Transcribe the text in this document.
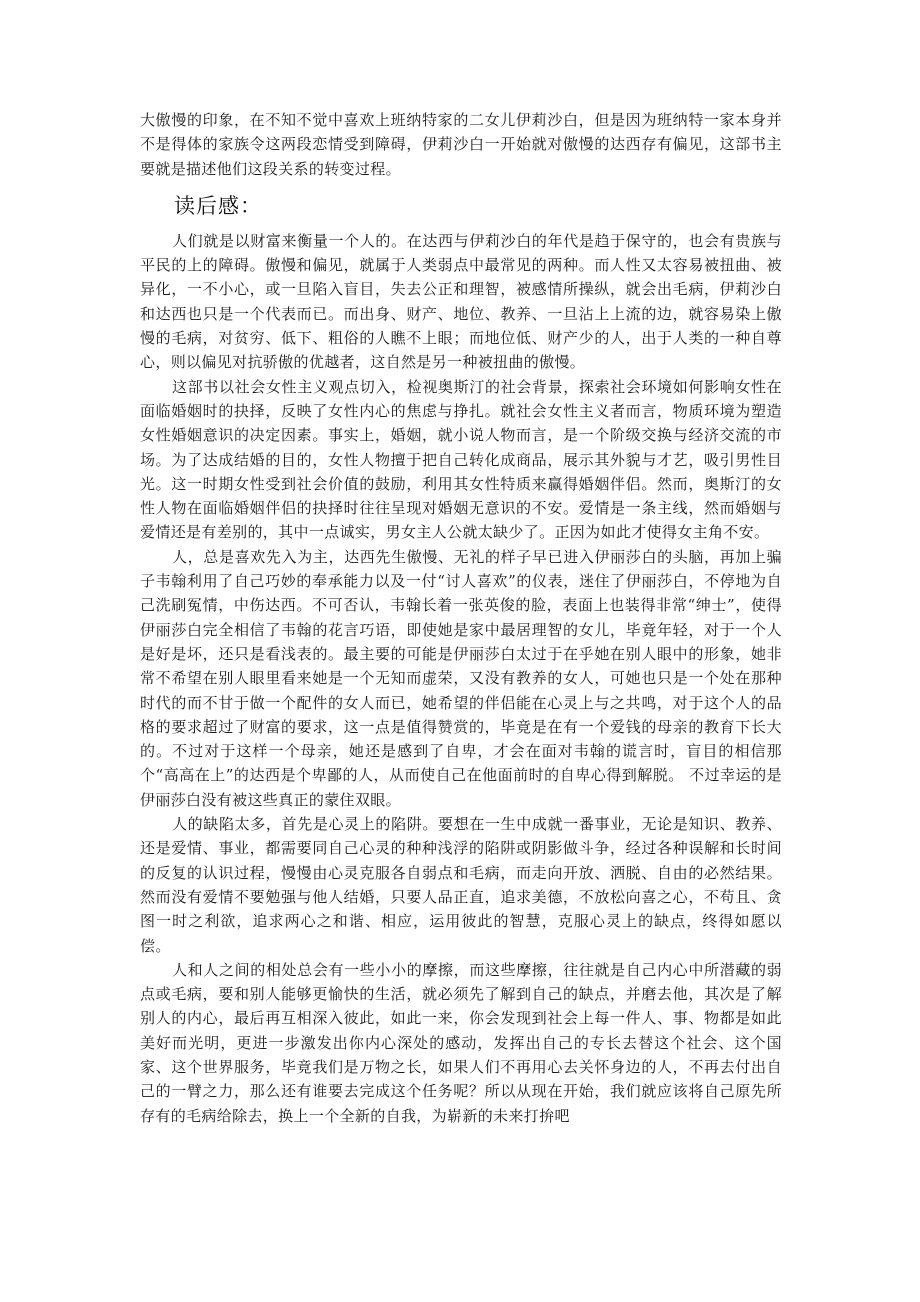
大傲慢的印象，在不知不觉中喜欢上班纳特家的二女儿伊莉沙白，但是因为班纳特一家本身并不是得体的家族令这两段恋情受到障碍，伊莉沙白一开始就对傲慢的达西存有偏见，这部书主要就是描述他们这段关系的转变过程。

读后感：

人们就是以财富来衡量一个人的。在达西与伊莉沙白的年代是趋于保守的，也会有贵族与平民的上的障碍。傲慢和偏见，就属于人类弱点中最常见的两种。而人性又太容易被扭曲、被异化，一不小心，或一旦陷入盲目，失去公正和理智，被感情所操纵，就会出毛病，伊莉沙白和达西也只是一个代表而已。而出身、财产、地位、教养、一旦沾上上流的边，就容易染上傲慢的毛病，对贫穷、低下、粗俗的人瞧不上眼；而地位低、财产少的人，出于人类的一种自尊心，则以偏见对抗骄傲的优越者，这自然是另一种被扭曲的傲慢。

这部书以社会女性主义观点切入，检视奥斯汀的社会背景，探索社会环境如何影响女性在面临婚姻时的抉择，反映了女性内心的焦虑与挣扎。就社会女性主义者而言，物质环境为塑造女性婚姻意识的决定因素。事实上，婚姻，就小说人物而言，是一个阶级交换与经济交流的市场。为了达成结婚的目的，女性人物擅于把自己转化成商品，展示其外貌与才艺，吸引男性目光。这一时期女性受到社会价值的鼓励，利用其女性特质来赢得婚姻伴侣。然而，奥斯汀的女性人物在面临婚姻伴侣的抉择时往往呈现对婚姻无意识的不安。爱情是一条主线，然而婚姻与爱情还是有差别的，其中一点诚实，男女主人公就太缺少了。正因为如此才使得女主角不安。

人，总是喜欢先入为主，达西先生傲慢、无礼的样子早已进入伊丽莎白的头脑，再加上骗子韦翰利用了自己巧妙的奉承能力以及一付“讨人喜欢”的仪表，迷住了伊丽莎白，不停地为自己洗刷冤情，中伤达西。不可否认，韦翰长着一张英俊的脸，表面上也装得非常“绅士”，使得伊丽莎白完全相信了韦翰的花言巧语，即使她是家中最居理智的女儿，毕竟年轻，对于一个人是好是坏，还只是看浅表的。最主要的可能是伊丽莎白太过于在乎她在别人眼中的形象，她非常不希望在别人眼里看来她是一个无知而虚荣，又没有教养的女人，可她也只是一个处在那种时代的而不甘于做一个配件的女人而已，她希望的伴侣能在心灵上与之共鸣，对于这个人的品格的要求超过了财富的要求，这一点是值得赞赏的，毕竟是在有一个爱钱的母亲的教育下长大的。不过对于这样一个母亲，她还是感到了自卑，才会在面对韦翰的谎言时，盲目的相信那个“高高在上”的达西是个卑鄙的人，从而使自己在他面前时的自卑心得到解脱。 不过幸运的是伊丽莎白没有被这些真正的蒙住双眼。

人的缺陷太多，首先是心灵上的陷阱。要想在一生中成就一番事业，无论是知识、教养、还是爱情、事业，都需要同自己心灵的种种浅浮的陷阱或阴影做斗争，经过各种误解和长时间的反复的认识过程，慢慢由心灵克服各自弱点和毛病，而走向开放、洒脱、自由的必然结果。然而没有爱情不要勉强与他人结婚，只要人品正直，追求美德，不放松向喜之心，不苟且、贪图一时之利欲，追求两心之和谐、相应，运用彼此的智慧，克服心灵上的缺点，终得如愿以偿。

人和人之间的相处总会有一些小小的摩擦，而这些摩擦，往往就是自己内心中所潜藏的弱点或毛病，要和别人能够更愉快的生活，就必须先了解到自己的缺点，并磨去他，其次是了解别人的内心，最后再互相深入彼此，如此一来，你会发现到社会上每一件人、事、物都是如此美好而光明，更进一步激发出你内心深处的感动，发挥出自己的专长去替这个社会、这个国家、这个世界服务，毕竟我们是万物之长，如果人们不再用心去关怀身边的人，不再去付出自己的一臂之力，那么还有谁要去完成这个任务呢？所以从现在开始，我们就应该将自己原先所存有的毛病给除去，换上一个全新的自我，为崭新的未来打拚吧
